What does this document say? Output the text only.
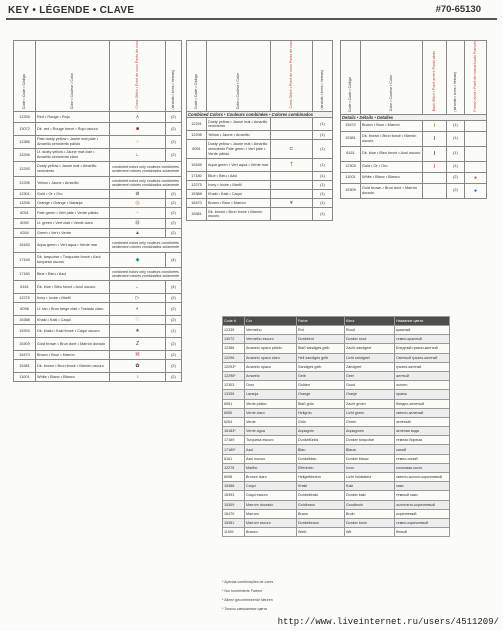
KEY • LÉGENDE • CLAVE	#70-65130
Code • Code • Código	Color • Couleur • Color	Cross Stitch • Point de croix Punto de cruz	(strands • brins • hebras)

12335	Red • Rouge • Rojo	∧	(2)
13072	Dk. red • Rouge foncé • Rojo oscuro	■	(2)
12386	Pale dusty yellow • Jaune mat pâle • Amarillo ceniciento pálido	○	(2)
12296	Lt. dusty yellow • Jaune mat clair • Amarillo ceniciento claro	∟	(2)
12293	Dusty yellow • Jaune mat • Amarillo ceniciento	combined colors only couleurs combinées seulement colores combinados solamente	
12298	Yellow • Jaune • Amarillo	combined colors only couleurs combinées seulement colores combinados solamente	
12301	Gold • Or • Oro	⊘	(2)
13336	Orange • Orange • Naranja	◎	(2)
6051	Pale green • Vert pâle • Verde pálido	▫	(2)
6050	Lt. green • Vert clair • Verde claro	⊟	(2)
6264	Green • Vert • Verde	▲	(2)
16183	Aqua green • Vert aqua • Verde mar	combined colors only couleurs combinées seulement colores combinados solamente	
17169	Dk. turquoise • Turquoise foncé • Azul turquesa oscuro	◆	(4)
17180	Blue • Bleu • Azul	combined colors only couleurs combinées seulement colores combinados solamente	
6161	Dk. blue • Bleu foncé • Azul oscuro	←	(4)
12275	Ivory • Ivoire • Marfil	▷	(2)
6098	Lt. tan • Brun beige clair • Tostado claro	◐	(2)
15388	Khaki • Kaki • Caqui	♡	(2)
15393	Dk. khaki • Kaki foncé • Caqui oscuro	★	(1)
15309	Gold brown • Brun doré • Marrón dorado	Z	(2)
15470	Brown • Brun • Marrón	⌘	(2)
15381	Dk. brown • Brun foncé • Marrón oscuro	✿	(2)
11001	White • Blanc • Blanco	♪	(2)
Code • Code • Código	Color • Couleur • Color	Cross Stitch • Point de croix Punto de cruz	(strands • brins • hebras)

Combined Colors • Couleurs combinées • Colores combinados			
12291	Dusty yellow • Jaune mat • Amarillo ceniciento		(1)
12298	Yellow • Jaune • Amarillo		(1)
6051	Dusty yellow • Jaune mat • Amarillo ceniciento Pale green • Vert pâle • Verde pálido	⊏	(1)
16185	Aqua green • Vert aqua • Verde mar	T	(1)
17180	Blue • Bleu • Azul		(1)
12275	Ivory • Ivoire • Marfil		(1)
15388	Khaki • Kaki • Caqui		(1)
15470	Brown • Brun • Marrón	♥	(1)
15381	Dk. brown • Brun foncé • Marrón oscuro		(1)
Code • Code • Código	Color • Couleur • Color	Back Stitch • Point arrière Punto atrás	(strands • brins • hebras)	French Knot • Point de noeud Nudo Francés

Details • Détails • Detalles				
15470	Brown • Brun • Marrón	/	(1)	
15381	Dk. brown • Brun foncé • Marrón oscuro	/	(1)	
6161	Dk. blue • Bleu foncé • Azul oscuro	/	(1)	
12303	Gold • Or • Oro	/	(1)	
11001	White • Blanc • Blanco		(2)	●
15309	Gold brown • Brun doré • Marrón dorado		(2)	●
Code #	Cor	Farbe	Kleur	Название цвета
12335	Vermelho	Rot	Rood	красный
13072	Vermelho escuro	Dunkelrot	Donker rood	темно-красный
12386	Amarelo opaco pálido	Blaß sandiges gelb	Zacht zandgeel	Бледный грязно-желтый
12296	Amarelo opaco claro	Hell sandiges gelb	Licht zandgeel	Светлый грязно-желтый
12293*	Amarelo opaco	Sandiges gelb	Zandgeel	грязно-желтый
12298*	Amarelo	Gelb	Geel	желтый
12303	Ouro	Golden	Goud	золото
13336	Laranja	Orange	Oranje	оранж
6051	Verde pálido	Blaß grün	Zacht groen	бледно-зеленый
6050	Verde claro	Hellgrün	Licht groen	светло-зеленый
6264	Verde	Grün	Groen	зеленый
16183*	Verde água	Aquagrün	Aquagroen	зеленая вода
17169	Turquesa escuro	Dunkeltürkis	Donker turquoise	темная бирюза
17180*	Azul	Blau	Blauw	синий
6161	Azul escuro	Dunkelblau	Donker blauw	темно-синий
12275	Marfim	Elfenbein	Ivoor	слоновая кость
6098	Bronze claro	Hellgelbbraun	Licht huidskleur	светло-золото-коричневый
15388	Caqui	Khaki	Kaki	хаки
15393	Caqui escuro	Dunkelkhaki	Donker kaki	темный хаки
15309	Marrom dourado	Goldbraun	Goudbruin	золотисто-коричневый
15470	Marrom	Braun	Bruin	коричневый
15381	Marrom escuro	Dunkelbraun	Donker bruin	темно-коричневый
11001	Branco	Weiß	Wit	белый
* Apenas combinações de cores
* Nur kombinierte Farben
* Alleen gecombineerde kleuren
* Только смешанные цвета
http://www.liveinternet.ru/users/4511209/
